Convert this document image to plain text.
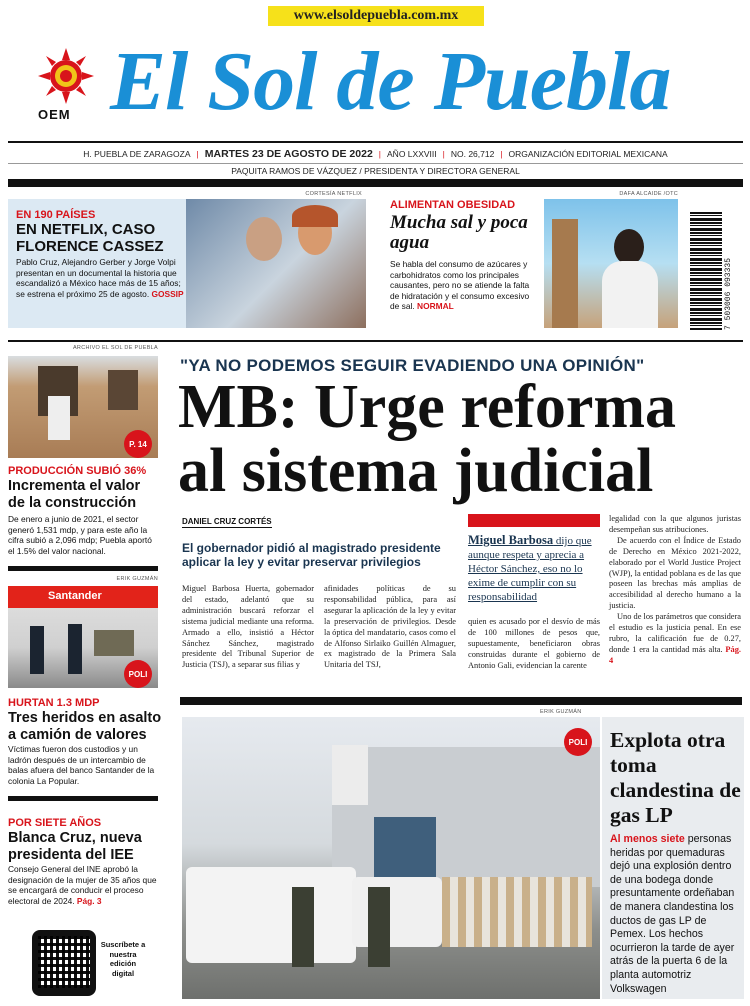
www.elsoldepuebla.com.mx
OEM El Sol de Puebla
H. PUEBLA DE ZARAGOZA | MARTES 23 DE AGOSTO DE 2022 | AÑO LXXVIII | NO. 26,712 | ORGANIZACIÓN EDITORIAL MEXICANA
PAQUITA RAMOS DE VÁZQUEZ / PRESIDENTA Y DIRECTORA GENERAL
CORTESÍA NETFLIX
EN 190 PAÍSES
EN NETFLIX, CASO FLORENCE CASSEZ
Pablo Cruz, Alejandro Gerber y Jorge Volpi presentan en un documental la historia que escandalizó a México hace más de 15 años; se estrena el próximo 25 de agosto. GOSSIP
DAFA ALCAIDE /OTC
ALIMENTAN OBESIDAD
Mucha sal y poca agua
Se habla del consumo de azúcares y carbohidratos como los principales causantes, pero no se atiende la falta de hidratación y el consumo excesivo de sal. NORMAL	7 503006 093335
ARCHIVO EL SOL DE PUEBLA
P. 14
PRODUCCIÓN SUBIÓ 36%
Incrementa el valor de la construcción
De enero a junio de 2021, el sector generó 1,531 mdp, y para este año la cifra subió a 2,096 mdp; Puebla aportó el 1.5% del valor nacional.
ERIK GUZMÁN
Santander
POLI
HURTAN 1.3 MDP
Tres heridos en asalto a camión de valores
Víctimas fueron dos custodios y un ladrón después de un intercambio de balas afuera del banco Santander de la colonia La Popular.
POR SIETE AÑOS
Blanca Cruz, nueva presidenta del IEE
Consejo General del INE aprobó la designación de la mujer de 35 años que se encargará de conducir el proceso electoral de 2024. Pág. 3
Suscríbete a nuestra edición digital
"YA NO PODEMOS SEGUIR EVADIENDO UNA OPINIÓN"
MB: Urge reforma
al sistema judicial
DANIEL CRUZ CORTÉS
El gobernador pidió al magistrado presidente aplicar la ley y evitar preservar privilegios
Miguel Barbosa Huerta, gobernador del estado, adelantó que su administración buscará reforzar el sistema judicial mediante una reforma. Armado a ello, insistió a Héctor Sánchez Sánchez, magistrado presidente del Tribunal Superior de Justicia (TSJ), a separar sus filias y
afinidades políticas de su responsabilidad pública, para así asegurar la aplicación de la ley y evitar la preservación de privilegios. Desde la óptica del mandatario, casos como el de Alfonso Sirlaiko Guillén Almaguer, ex magistrado de la Primera Sala Unitaria del TSJ,
Miguel Barbosa dijo que aunque respeta y aprecia a Héctor Sánchez, eso no lo exime de cumplir con su responsabilidad
quien es acusado por el desvío de más de 100 millones de pesos que, supuestamente, beneficiaron obras construidas durante el gobierno de Antonio Gali, evidencian la carente
legalidad con la que algunos juristas desempeñan sus atribuciones.
De acuerdo con el Índice de Estado de Derecho en México 2021-2022, elaborado por el World Justice Project (WJP), la entidad poblana es de las que poseen las brechas más amplias de accesibilidad al derecho humano a la justicia.
Uno de los parámetros que considera el estudio es la justicia penal. En ese rubro, la calificación fue de 0.27, donde 1 era la cantidad más alta. Pág. 4
ERIK GUZMÁN
POLI Explota otra toma clandestina de gas LP
Al menos siete personas heridas por quemaduras dejó una explosión dentro de una bodega donde presuntamente ordeñaban de manera clandestina los ductos de gas LP de Pemex. Los hechos ocurrieron la tarde de ayer atrás de la puerta 6 de la planta automotriz Volkswagen
